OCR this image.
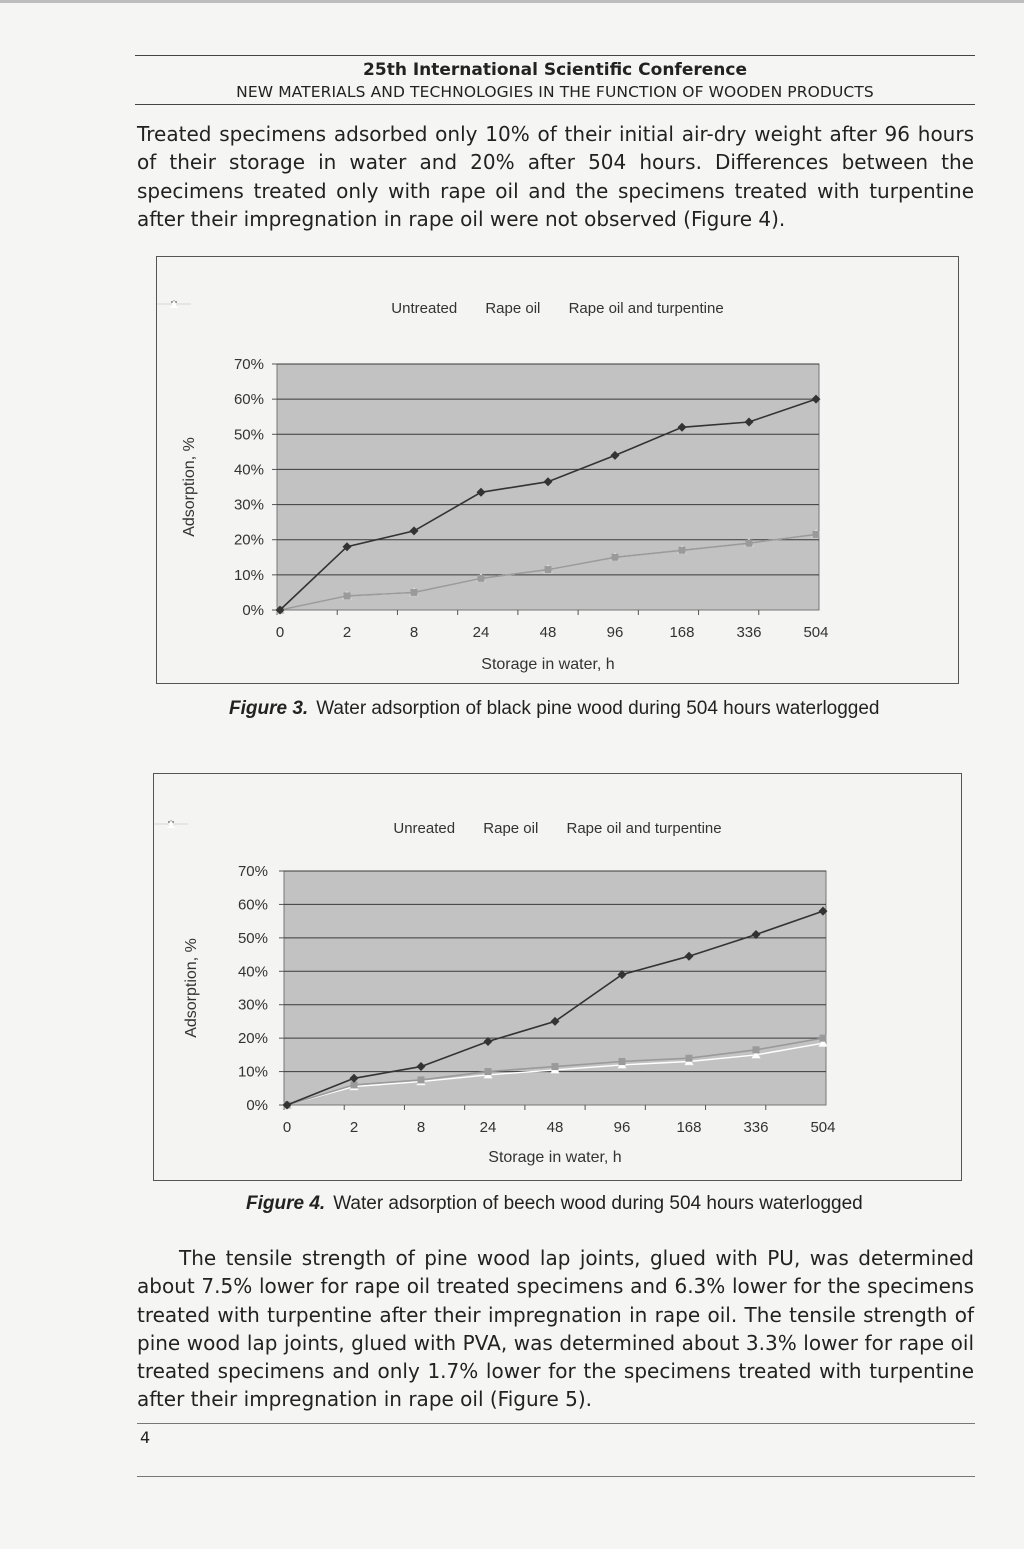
25th International Scientific Conference
NEW MATERIALS AND TECHNOLOGIES IN THE FUNCTION OF WOODEN PRODUCTS

Treated specimens adsorbed only 10% of their initial air-dry weight after 96 hours of their storage in water and 20% after 504 hours. Differences between the specimens treated only with rape oil and the specimens treated with turpentine after their impregnation in rape oil were not observed (Figure 4).

Untreated Rape oil Rape oil and turpentine
0%
10%
20%
30%
40%
50%
60%
70%
0	2	8	24	48	96	168	336	504
Storage in water, h
Adsorption, %
Figure 3. Water adsorption of black pine wood during 504 hours waterlogged
Unreated Rape oil Rape oil and turpentine
0%
10%
20%
30%
40%
50%
60%
70%
0	2	8	24	48	96	168	336	504
Storage in water, h
Adsorption, %
Figure 4. Water adsorption of beech wood during 504 hours waterlogged

The tensile strength of pine wood lap joints, glued with PU, was determined about 7.5% lower for rape oil treated specimens and 6.3% lower for the specimens treated with turpentine after their impregnation in rape oil. The tensile strength of pine wood lap joints, glued with PVA, was determined about 3.3% lower for rape oil treated specimens and only 1.7% lower for the specimens treated with turpentine after their impregnation in rape oil (Figure 5).

4
